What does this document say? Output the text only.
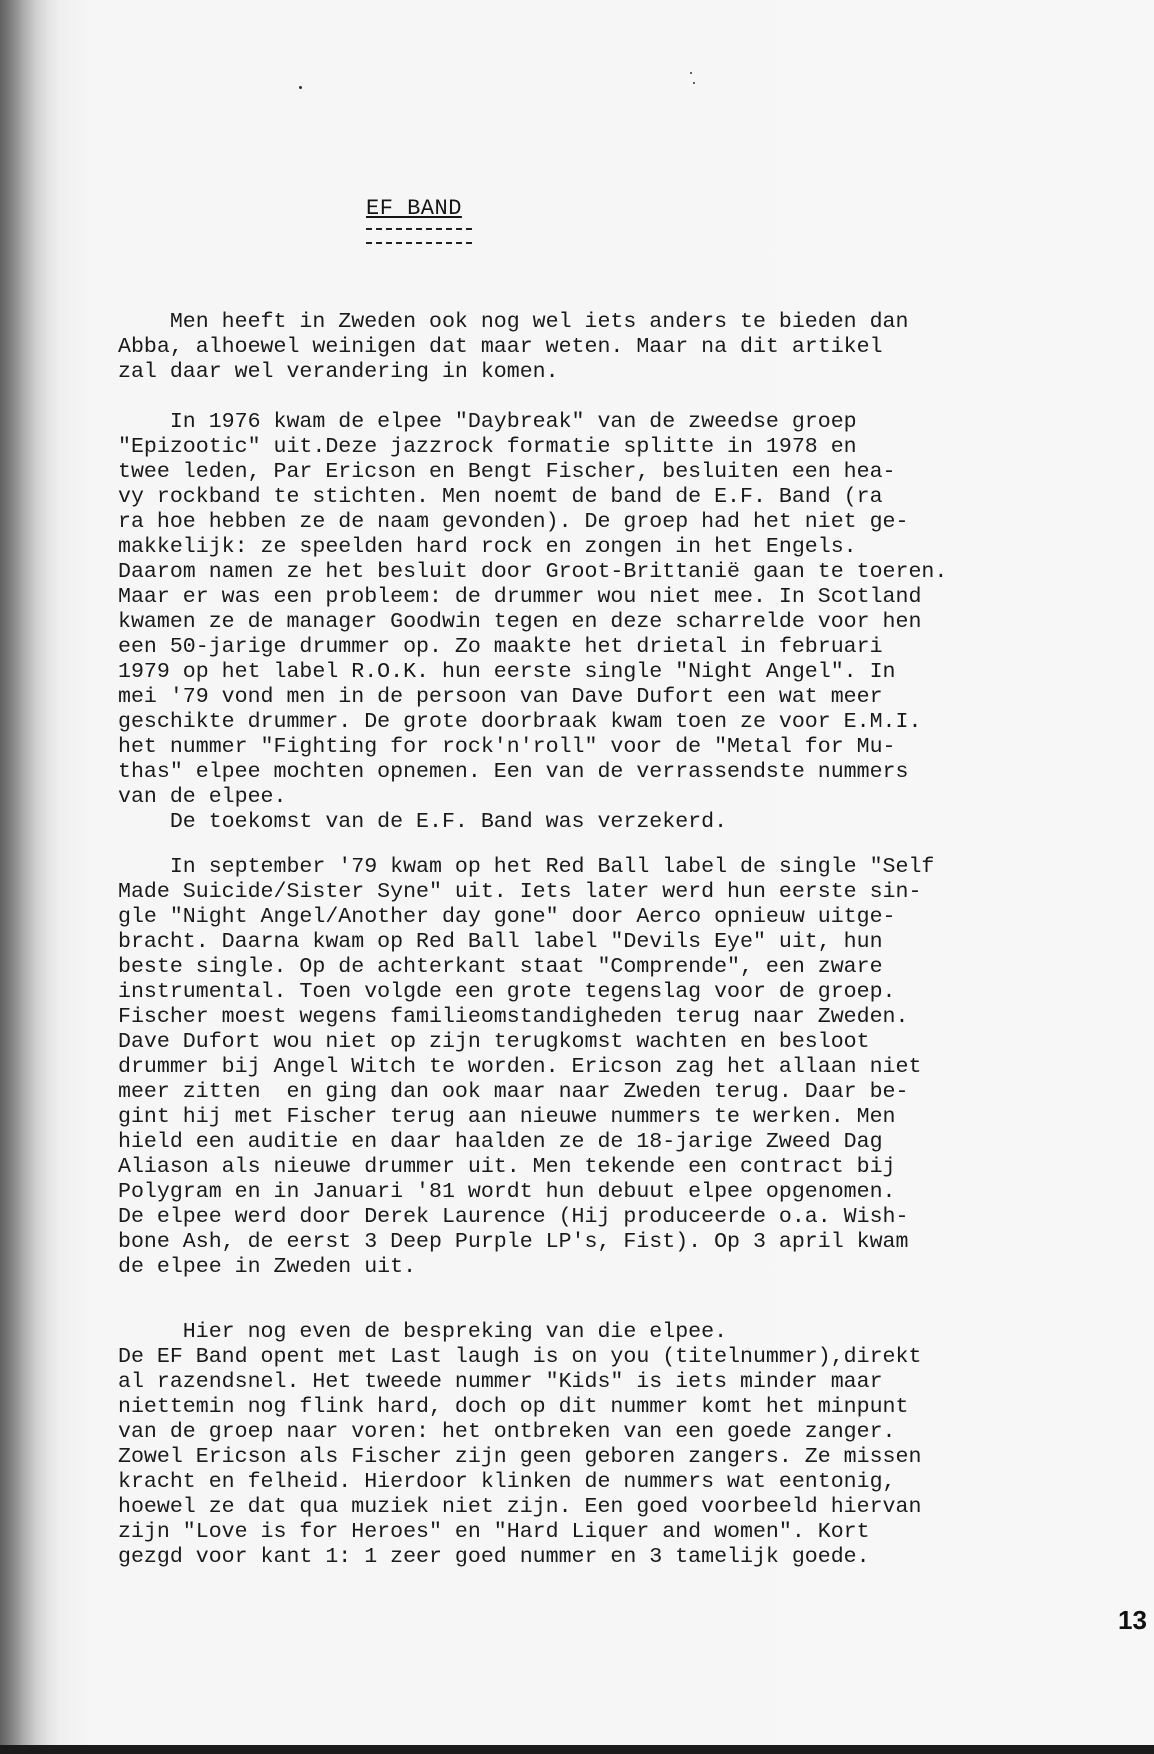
EF BAND

Men heeft in Zweden ook nog wel iets anders te bieden dan
Abba, alhoewel weinigen dat maar weten. Maar na dit artikel
zal daar wel verandering in komen.

In 1976 kwam de elpee "Daybreak" van de zweedse groep
"Epizootic" uit.Deze jazzrock formatie splitte in 1978 en
twee leden, Par Ericson en Bengt Fischer, besluiten een hea-
vy rockband te stichten. Men noemt de band de E.F. Band (ra
ra hoe hebben ze de naam gevonden). De groep had het niet ge-
makkelijk: ze speelden hard rock en zongen in het Engels.
Daarom namen ze het besluit door Groot-Brittanië gaan te toeren.
Maar er was een probleem: de drummer wou niet mee. In Scotland
kwamen ze de manager Goodwin tegen en deze scharrelde voor hen
een 50-jarige drummer op. Zo maakte het drietal in februari
1979 op het label R.O.K. hun eerste single "Night Angel". In
mei '79 vond men in de persoon van Dave Dufort een wat meer
geschikte drummer. De grote doorbraak kwam toen ze voor E.M.I.
het nummer "Fighting for rock'n'roll" voor de "Metal for Mu-
thas" elpee mochten opnemen. Een van de verrassendste nummers
van de elpee.
De toekomst van de E.F. Band was verzekerd.

In september '79 kwam op het Red Ball label de single "Self
Made Suicide/Sister Syne" uit. Iets later werd hun eerste sin-
gle "Night Angel/Another day gone" door Aerco opnieuw uitge-
bracht. Daarna kwam op Red Ball label "Devils Eye" uit, hun
beste single. Op de achterkant staat "Comprende", een zware
instrumental. Toen volgde een grote tegenslag voor de groep.
Fischer moest wegens familieomstandigheden terug naar Zweden.
Dave Dufort wou niet op zijn terugkomst wachten en besloot
drummer bij Angel Witch te worden. Ericson zag het allaan niet
meer zitten  en ging dan ook maar naar Zweden terug. Daar be-
gint hij met Fischer terug aan nieuwe nummers te werken. Men
hield een auditie en daar haalden ze de 18-jarige Zweed Dag
Aliason als nieuwe drummer uit. Men tekende een contract bij
Polygram en in Januari '81 wordt hun debuut elpee opgenomen.
De elpee werd door Derek Laurence (Hij produceerde o.a. Wish-
bone Ash, de eerst 3 Deep Purple LP's, Fist). Op 3 april kwam
de elpee in Zweden uit.

Hier nog even de bespreking van die elpee.
De EF Band opent met Last laugh is on you (titelnummer),direkt
al razendsnel. Het tweede nummer "Kids" is iets minder maar
niettemin nog flink hard, doch op dit nummer komt het minpunt
van de groep naar voren: het ontbreken van een goede zanger.
Zowel Ericson als Fischer zijn geen geboren zangers. Ze missen
kracht en felheid. Hierdoor klinken de nummers wat eentonig,
hoewel ze dat qua muziek niet zijn. Een goed voorbeeld hiervan
zijn "Love is for Heroes" en "Hard Liquer and women". Kort
gezgd voor kant 1: 1 zeer goed nummer en 3 tamelijk goede.

13
